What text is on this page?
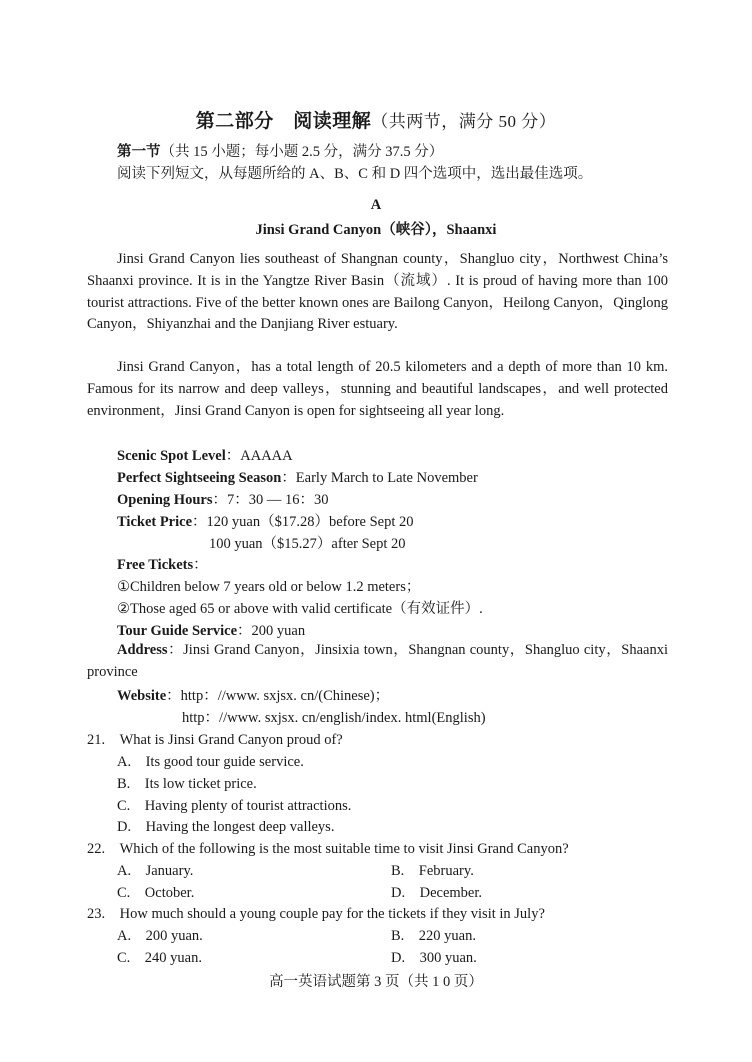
第二部分　阅读理解（共两节，满分 50 分）
第一节（共 15 小题；每小题 2.5 分，满分 37.5 分）
阅读下列短文，从每题所给的 A、B、C 和 D 四个选项中，选出最佳选项。
A
Jinsi Grand Canyon（峡谷），Shaanxi

Jinsi Grand Canyon lies southeast of Shangnan county，Shangluo city，Northwest China’s Shaanxi province. It is in the Yangtze River Basin（流域）. It is proud of having more than 100 tourist attractions. Five of the better known ones are Bailong Canyon，Heilong Canyon，Qinglong Canyon，Shiyanzhai and the Danjiang River estuary.

Jinsi Grand Canyon，has a total length of 20.5 kilometers and a depth of more than 10 km. Famous for its narrow and deep valleys，stunning and beautiful landscapes，and well protected environment，Jinsi Grand Canyon is open for sightseeing all year long.

Scenic Spot Level：AAAAA
Perfect Sightseeing Season：Early March to Late November
Opening Hours：7：30 — 16：30
Ticket Price：120 yuan（$17.28）before Sept 20
100 yuan（$15.27）after Sept 20
Free Tickets：
①Children below 7 years old or below 1.2 meters；
②Those aged 65 or above with valid certificate（有效证件）.
Tour Guide Service：200 yuan
Address：Jinsi Grand Canyon，Jinsixia town，Shangnan county，Shangluo city，Shaanxi province
Website：http：//www. sxjsx. cn/(Chinese)；
http：//www. sxjsx. cn/english/index. html(English)
21.　What is Jinsi Grand Canyon proud of?
A.　Its good tour guide service.
B.　Its low ticket price.
C.　Having plenty of tourist attractions.
D.　Having the longest deep valleys.
22.　Which of the following is the most suitable time to visit Jinsi Grand Canyon?
A.　January.	B.　February.
C.　October.	D.　December.
23.　How much should a young couple pay for the tickets if they visit in July?
A.　200 yuan.	B.　220 yuan.
C.　240 yuan.	D.　300 yuan.
高一英语试题第 3 页（共 1 0 页）
